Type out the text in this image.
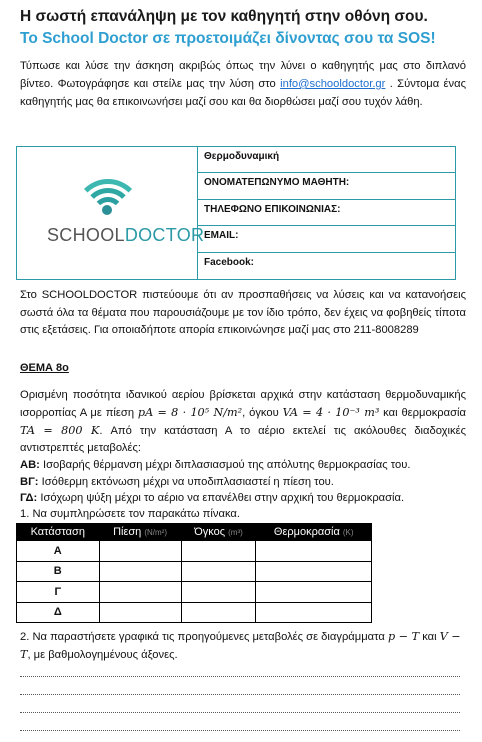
Η σωστή επανάληψη με τον καθηγητή στην οθόνη σου.
Το School Doctor σε προετοιμάζει δίνοντας σου τα SOS!
Τύπωσε και λύσε την άσκηση ακριβώς όπως την λύνει ο καθηγητής μας στο διπλανό βίντεο. Φωτογράφησε και στείλε μας την λύση στο info@schooldoctor.gr . Σύντομα ένας καθηγητής μας θα επικοινωνήσει μαζί σου και θα διορθώσει μαζί σου τυχόν λάθη.
SCHOOLDOCTOR
Θερμοδυναμική
ΟΝΟΜΑΤΕΠΩΝΥΜΟ ΜΑΘΗΤΗ:
ΤΗΛΕΦΩΝΟ ΕΠΙΚΟΙΝΩΝΙΑΣ:
EMAIL:
Facebook:
Στο SCHOOLDOCTOR πιστεύουμε ότι αν προσπαθήσεις να λύσεις και να κατανοήσεις σωστά όλα τα θέματα που παρουσιάζουμε με τον ίδιο τρόπο, δεν έχεις να φοβηθείς τίποτα στις εξετάσεις. Για οποιαδήποτε απορία επικοινώνησε μαζί μας στο 211-8008289
ΘΕΜΑ 8ο
Ορισμένη ποσότητα ιδανικού αερίου βρίσκεται αρχικά στην κατάσταση θερμοδυναμικής ισορροπίας Α με πίεση pA = 8 · 10⁵ N/m², όγκου VA = 4 · 10⁻³ m³ και θερμοκρασία TA = 800 K. Από την κατάσταση Α το αέριο εκτελεί τις ακόλουθες διαδοχικές αντιστρεπτές μεταβολές:
ΑΒ: Ισοβαρής θέρμανση μέχρι διπλασιασμού της απόλυτης θερμοκρασίας του.
ΒΓ: Ισόθερμη εκτόνωση μέχρι να υποδιπλασιαστεί η πίεση του.
ΓΔ: Ισόχωρη ψύξη μέχρι το αέριο να επανέλθει στην αρχική του θερμοκρασία.
1. Να συμπληρώσετε τον παρακάτω πίνακα.
Κατάσταση	Πίεση (N/m²)	Όγκος (m³)	Θερμοκρασία (K)
Α			
Β			
Γ			
Δ			
2. Να παραστήσετε γραφικά τις προηγούμενες μεταβολές σε διαγράμματα p − T και V − T, με βαθμολογημένους άξονες.
